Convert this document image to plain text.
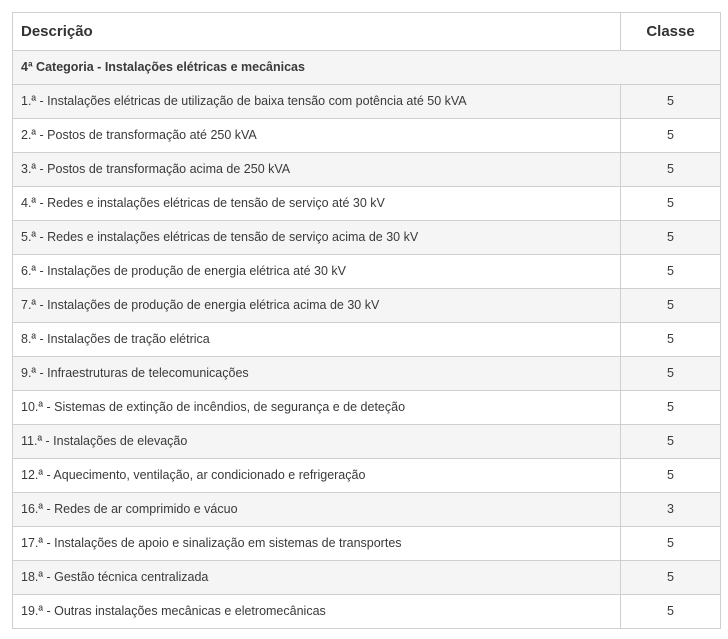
Descrição	Classe
4ª Categoria - Instalações elétricas e mecânicas	
1.ª - Instalações elétricas de utilização de baixa tensão com potência até 50 kVA	5
2.ª - Postos de transformação até 250 kVA	5
3.ª - Postos de transformação acima de 250 kVA	5
4.ª - Redes e instalações elétricas de tensão de serviço até 30 kV	5
5.ª - Redes e instalações elétricas de tensão de serviço acima de 30 kV	5
6.ª - Instalações de produção de energia elétrica até 30 kV	5
7.ª - Instalações de produção de energia elétrica acima de 30 kV	5
8.ª - Instalações de tração elétrica	5
9.ª - Infraestruturas de telecomunicações	5
10.ª - Sistemas de extinção de incêndios, de segurança e de deteção	5
11.ª - Instalações de elevação	5
12.ª - Aquecimento, ventilação, ar condicionado e refrigeração	5
16.ª - Redes de ar comprimido e vácuo	3
17.ª - Instalações de apoio e sinalização em sistemas de transportes	5
18.ª - Gestão técnica centralizada	5
19.ª - Outras instalações mecânicas e eletromecânicas	5
